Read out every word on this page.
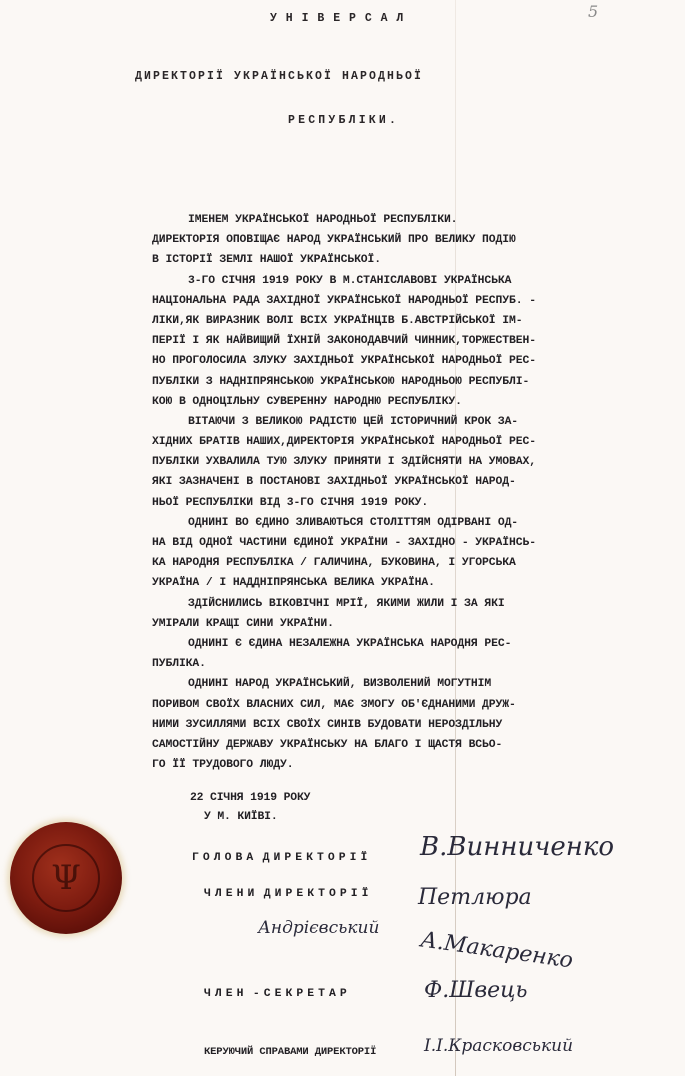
5
У Н І В Е Р С А Л
ДИРЕКТОРІЇ УКРАЇНСЬКОЇ НАРОДНЬОЇ
РЕСПУБЛІКИ.
ІМЕНЕМ УКРАЇНСЬКОЇ НАРОДНЬОЇ РЕСПУБЛІКИ.
ДИРЕКТОРІЯ ОПОВІЩАЄ НАРОД УКРАЇНСЬКИЙ ПРО ВЕЛИКУ ПОДІЮ
В ІСТОРІЇ ЗЕМЛІ НАШОЇ УКРАЇНСЬКОЇ.
3-ГО СІЧНЯ 1919 РОКУ В М.СТАНІСЛАВОВІ УКРАЇНСЬКА
НАЦІОНАЛЬНА РАДА ЗАХІДНОЇ УКРАЇНСЬКОЇ НАРОДНЬОЇ РЕСПУБ. -
ЛІКИ,ЯК ВИРАЗНИК ВОЛІ ВСІХ УКРАЇНЦІВ Б.АВСТРІЙСЬКОЇ ІМ-
ПЕРІЇ І ЯК НАЙВИЩИЙ ЇХНІЙ ЗАКОНОДАВЧИЙ ЧИННИК,ТОРЖЕСТВЕН-
НО ПРОГОЛОСИЛА ЗЛУКУ ЗАХІДНЬОЇ УКРАЇНСЬКОЇ НАРОДНЬОЇ РЕС-
ПУБЛІКИ З НАДНІПРЯНСЬКОЮ УКРАЇНСЬКОЮ НАРОДНЬОЮ РЕСПУБЛІ-
КОЮ В ОДНОЦІЛЬНУ СУВЕРЕННУ НАРОДНЮ РЕСПУБЛІКУ.
ВІТАЮЧИ З ВЕЛИКОЮ РАДІСТЮ ЦЕЙ ІСТОРИЧНИЙ КРОК ЗА-
ХІДНИХ БРАТІВ НАШИХ,ДИРЕКТОРІЯ УКРАЇНСЬКОЇ НАРОДНЬОЇ РЕС-
ПУБЛІКИ УХВАЛИЛА ТУЮ ЗЛУКУ ПРИНЯТИ І ЗДІЙСНЯТИ НА УМОВАХ,
ЯКІ ЗАЗНАЧЕНІ В ПОСТАНОВІ ЗАХІДНЬОЇ УКРАЇНСЬКОЇ НАРОД-
НЬОЇ РЕСПУБЛІКИ ВІД 3-ГО СІЧНЯ 1919 РОКУ.
ОДНИНІ ВО ЄДИНО ЗЛИВАЮТЬСЯ СТОЛІТТЯМ ОДІРВАНІ ОД-
НА ВІД ОДНОЇ ЧАСТИНИ ЄДИНОЇ УКРАЇНИ - ЗАХІДНО - УКРАЇНСЬ-
КА НАРОДНЯ РЕСПУБЛІКА / ГАЛИЧИНА, БУКОВИНА, І УГОРСЬКА
УКРАЇНА / І НАДДНІПРЯНСЬКА ВЕЛИКА УКРАЇНА.
ЗДІЙСНИЛИСЬ ВІКОВІЧНІ МРІЇ, ЯКИМИ ЖИЛИ І ЗА ЯКІ
УМІРАЛИ КРАЩІ СИНИ УКРАЇНИ.
ОДНИНІ Є ЄДИНА НЕЗАЛЕЖНА УКРАЇНСЬКА НАРОДНЯ РЕС-
ПУБЛІКА.
ОДНИНІ НАРОД УКРАЇНСЬКИЙ, ВИЗВОЛЕНИЙ МОГУТНІМ
ПОРИВОМ СВОЇХ ВЛАСНИХ СИЛ, МАЄ ЗМОГУ ОБ'ЄДНАНИМИ ДРУЖ-
НИМИ ЗУСИЛЛЯМИ ВСІХ СВОЇХ СИНІВ БУДОВАТИ НЕРОЗДІЛЬНУ
САМОСТІЙНУ ДЕРЖАВУ УКРАЇНСЬКУ НА БЛАГО І ЩАСТЯ ВСЬО-
ГО ЇЇ ТРУДОВОГО ЛЮДУ.
22 СІЧНЯ 1919 РОКУ
У М. КИЇВІ.
Г О Л О В А  Д И Р Е К Т О Р І Ї В.Винниченко
Ч Л Е Н И  Д И Р Е К Т О Р І Ї Петлюра
Андрієвський А.Макаренко
Ч Л Е Н  - С Е К Р Е Т А Р	Ф.Швець
КЕРУЮЧИЙ СПРАВАМИ ДИРЕКТОРІЇ	І.І.Красковський
Ψ
